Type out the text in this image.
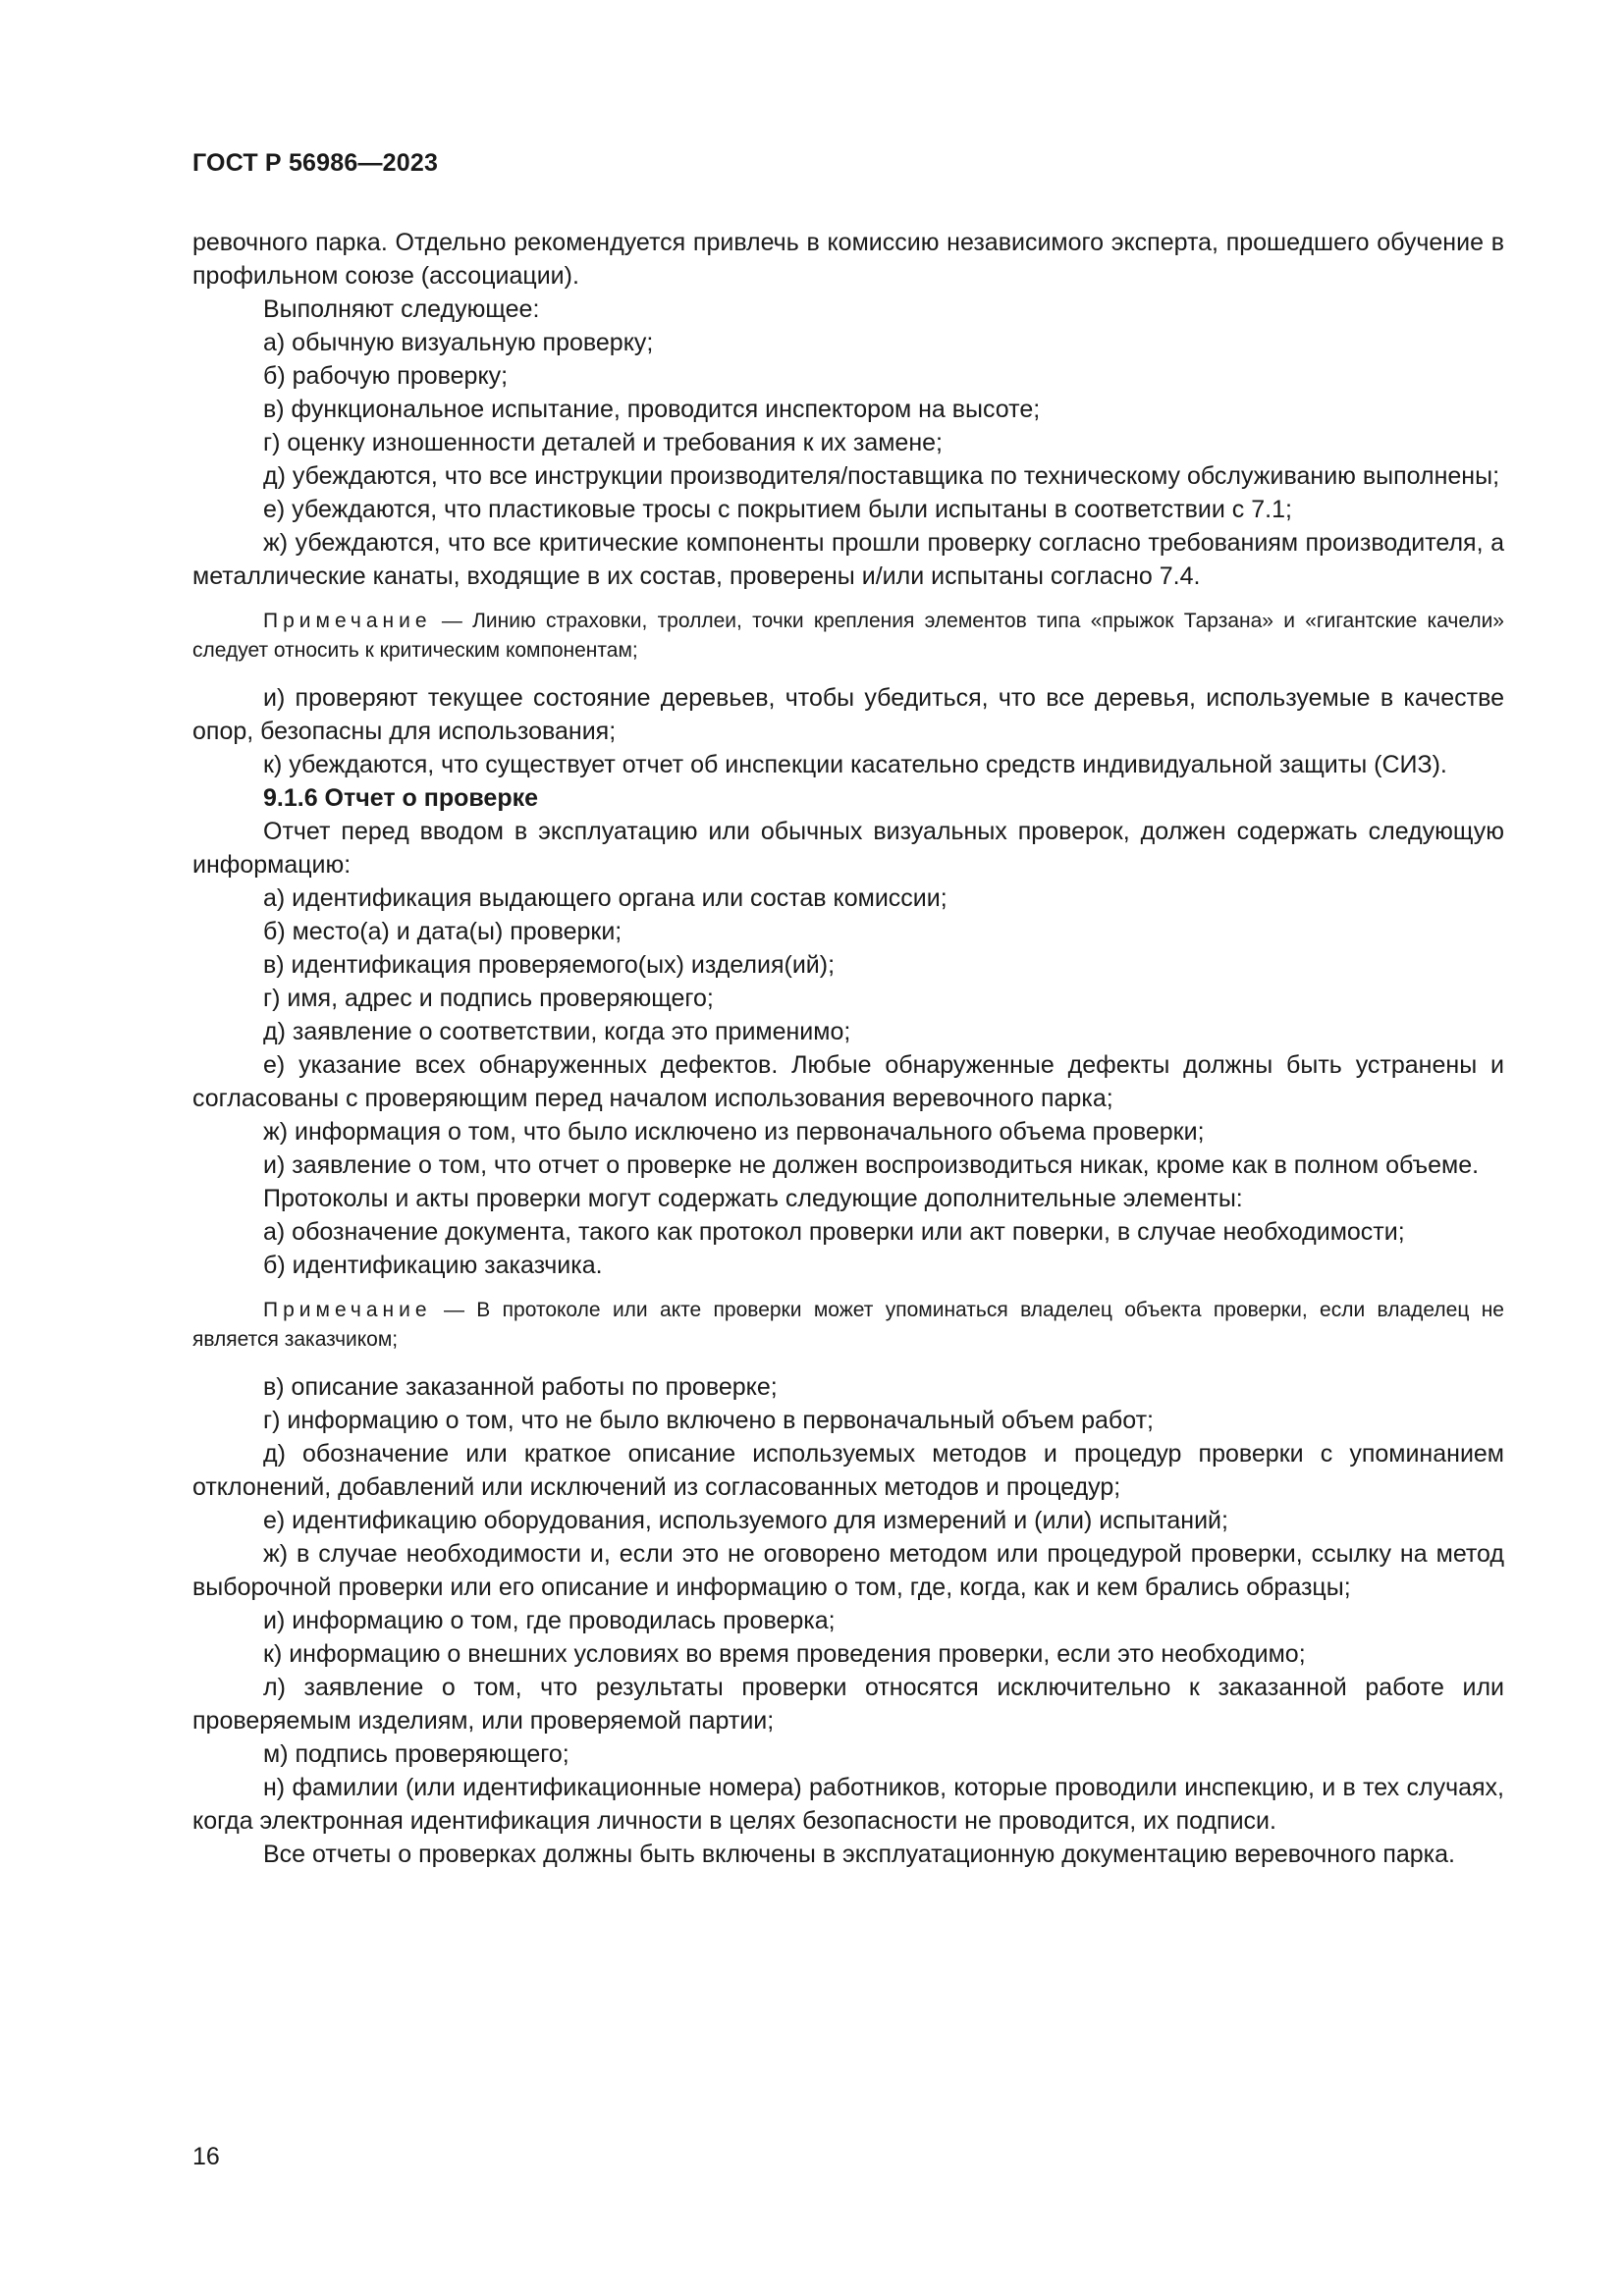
ГОСТ Р 56986—2023

ревочного парка. Отдельно рекомендуется привлечь в комиссию независимого эксперта, прошедшего обучение в профильном союзе (ассоциации).

Выполняют следующее:

а) обычную визуальную проверку;

б) рабочую проверку;

в) функциональное испытание, проводится инспектором на высоте;

г) оценку изношенности деталей и требования к их замене;

д) убеждаются, что все инструкции производителя/поставщика по техническому обслуживанию выполнены;

е) убеждаются, что пластиковые тросы с покрытием были испытаны в соответствии с 7.1;

ж) убеждаются, что все критические компоненты прошли проверку согласно требованиям производителя, а металлические канаты, входящие в их состав, проверены и/или испытаны согласно 7.4.

Примечание — Линию страховки, троллеи, точки крепления элементов типа «прыжок Тарзана» и «гигантские качели» следует относить к критическим компонентам;

и) проверяют текущее состояние деревьев, чтобы убедиться, что все деревья, используемые в качестве опор, безопасны для использования;

к) убеждаются, что существует отчет об инспекции касательно средств индивидуальной защиты (СИЗ).

9.1.6 Отчет о проверке

Отчет перед вводом в эксплуатацию или обычных визуальных проверок, должен содержать следующую информацию:

а) идентификация выдающего органа или состав комиссии;

б) место(а) и дата(ы) проверки;

в) идентификация проверяемого(ых) изделия(ий);

г) имя, адрес и подпись проверяющего;

д) заявление о соответствии, когда это применимо;

е) указание всех обнаруженных дефектов. Любые обнаруженные дефекты должны быть устранены и согласованы с проверяющим перед началом использования веревочного парка;

ж) информация о том, что было исключено из первоначального объема проверки;

и) заявление о том, что отчет о проверке не должен воспроизводиться никак, кроме как в полном объеме.

Протоколы и акты проверки могут содержать следующие дополнительные элементы:

а) обозначение документа, такого как протокол проверки или акт поверки, в случае необходимости;

б) идентификацию заказчика.

Примечание — В протоколе или акте проверки может упоминаться владелец объекта проверки, если владелец не является заказчиком;

в) описание заказанной работы по проверке;

г) информацию о том, что не было включено в первоначальный объем работ;

д) обозначение или краткое описание используемых методов и процедур проверки с упоминанием отклонений, добавлений или исключений из согласованных методов и процедур;

е) идентификацию оборудования, используемого для измерений и (или) испытаний;

ж) в случае необходимости и, если это не оговорено методом или процедурой проверки, ссылку на метод выборочной проверки или его описание и информацию о том, где, когда, как и кем брались образцы;

и) информацию о том, где проводилась проверка;

к) информацию о внешних условиях во время проведения проверки, если это необходимо;

л) заявление о том, что результаты проверки относятся исключительно к заказанной работе или проверяемым изделиям, или проверяемой партии;

м) подпись проверяющего;

н) фамилии (или идентификационные номера) работников, которые проводили инспекцию, и в тех случаях, когда электронная идентификация личности в целях безопасности не проводится, их подписи.

Все отчеты о проверках должны быть включены в эксплуатационную документацию веревочного парка.

16
